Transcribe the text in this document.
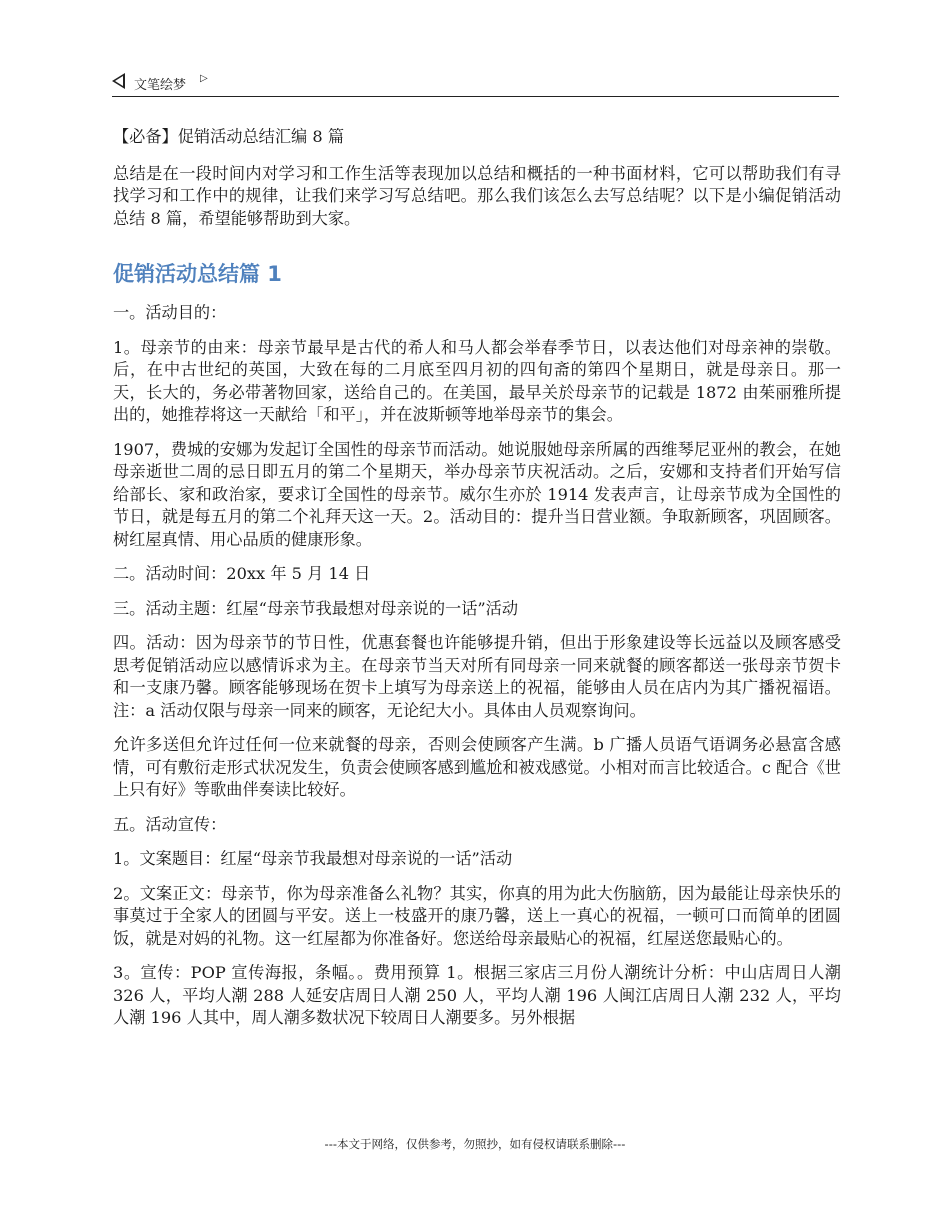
文笔绘梦 ▷

【必备】促销活动总结汇编 8 篇

总结是在一段时间内对学习和工作生活等表现加以总结和概括的一种书面材料，它可以帮助我们有寻找学习和工作中的规律，让我们来学习写总结吧。那么我们该怎么去写总结呢？以下是小编促销活动总结 8 篇，希望能够帮助到大家。

促销活动总结篇 1

一。活动目的：

1。母亲节的由来：母亲节最早是古代的希人和马人都会举春季节日，以表达他们对母亲神的崇敬。后，在中古世纪的英国，大致在每的二月底至四月初的四旬斋的第四个星期日，就是母亲日。那一天，长大的，务必带著物回家，送给自己的。在美国，最早关於母亲节的记载是 1872 由茱丽雅所提出的，她推荐将这一天献给「和平」，并在波斯顿等地举母亲节的集会。

1907，费城的安娜为发起订全国性的母亲节而活动。她说服她母亲所属的西维琴尼亚州的教会，在她母亲逝世二周的忌日即五月的第二个星期天，举办母亲节庆祝活动。之后，安娜和支持者们开始写信给部长、家和政治家，要求订全国性的母亲节。威尔生亦於 1914 发表声言，让母亲节成为全国性的节日，就是每五月的第二个礼拜天这一天。2。活动目的：提升当日营业额。争取新顾客，巩固顾客。树红屋真情、用心品质的健康形象。

二。活动时间：20xx 年 5 月 14 日

三。活动主题：红屋“母亲节我最想对母亲说的一话”活动

四。活动：因为母亲节的节日性，优惠套餐也许能够提升销，但出于形象建设等长远益以及顾客感受思考促销活动应以感情诉求为主。在母亲节当天对所有同母亲一同来就餐的顾客都送一张母亲节贺卡和一支康乃馨。顾客能够现场在贺卡上填写为母亲送上的祝福，能够由人员在店内为其广播祝福语。注：a 活动仅限与母亲一同来的顾客，无论纪大小。具体由人员观察询问。

允许多送但允许过任何一位来就餐的母亲，否则会使顾客产生满。b 广播人员语气语调务必悬富含感情，可有敷衍走形式状况发生，负责会使顾客感到尴尬和被戏感觉。小相对而言比较适合。c 配合《世上只有好》等歌曲伴奏读比较好。

五。活动宣传：

1。文案题目：红屋“母亲节我最想对母亲说的一话”活动

2。文案正文：母亲节，你为母亲准备么礼物？其实，你真的用为此大伤脑筋，因为最能让母亲快乐的事莫过于全家人的团圆与平安。送上一枝盛开的康乃馨，送上一真心的祝福，一顿可口而简单的团圆饭，就是对妈的礼物。这一红屋都为你准备好。您送给母亲最贴心的祝福，红屋送您最贴心的。

3。宣传：POP 宣传海报，条幅。。费用预算 1。根据三家店三月份人潮统计分析：中山店周日人潮 326 人，平均人潮 288 人延安店周日人潮 250 人，平均人潮 196 人闽江店周日人潮 232 人，平均人潮 196 人其中，周人潮多数状况下较周日人潮要多。另外根据

---本文于网络，仅供参考，勿照抄，如有侵权请联系删除---
